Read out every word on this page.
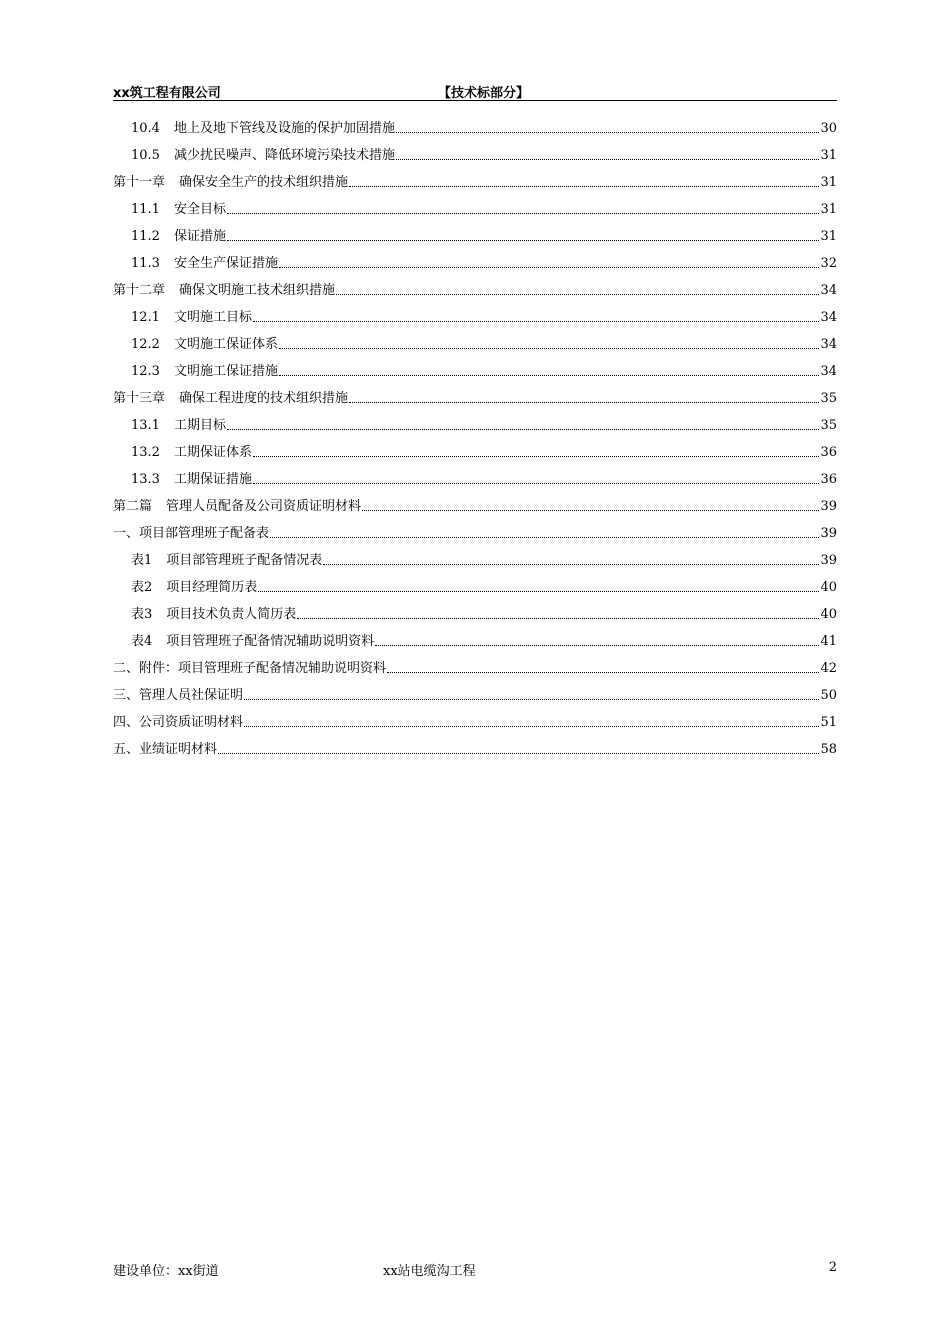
xx筑工程有限公司	【技术标部分】
10.4 地上及地下管线及设施的保护加固措施	30
10.5 减少扰民噪声、降低环境污染技术措施	31
第十一章 确保安全生产的技术组织措施	31
11.1 安全目标	31
11.2 保证措施	31
11.3 安全生产保证措施	32
第十二章 确保文明施工技术组织措施	34
12.1 文明施工目标	34
12.2 文明施工保证体系	34
12.3 文明施工保证措施	34
第十三章 确保工程进度的技术组织措施	35
13.1 工期目标	35
13.2 工期保证体系	36
13.3 工期保证措施	36
第二篇 管理人员配备及公司资质证明材料	39
一、项目部管理班子配备表	39
表1 项目部管理班子配备情况表	39
表2 项目经理简历表	40
表3 项目技术负责人简历表	40
表4 项目管理班子配备情况辅助说明资料	41
二、附件：项目管理班子配备情况辅助说明资料	42
三、管理人员社保证明	50
四、公司资质证明材料	51
五、业绩证明材料	58
建设单位：xx街道	xx站电缆沟工程	2
